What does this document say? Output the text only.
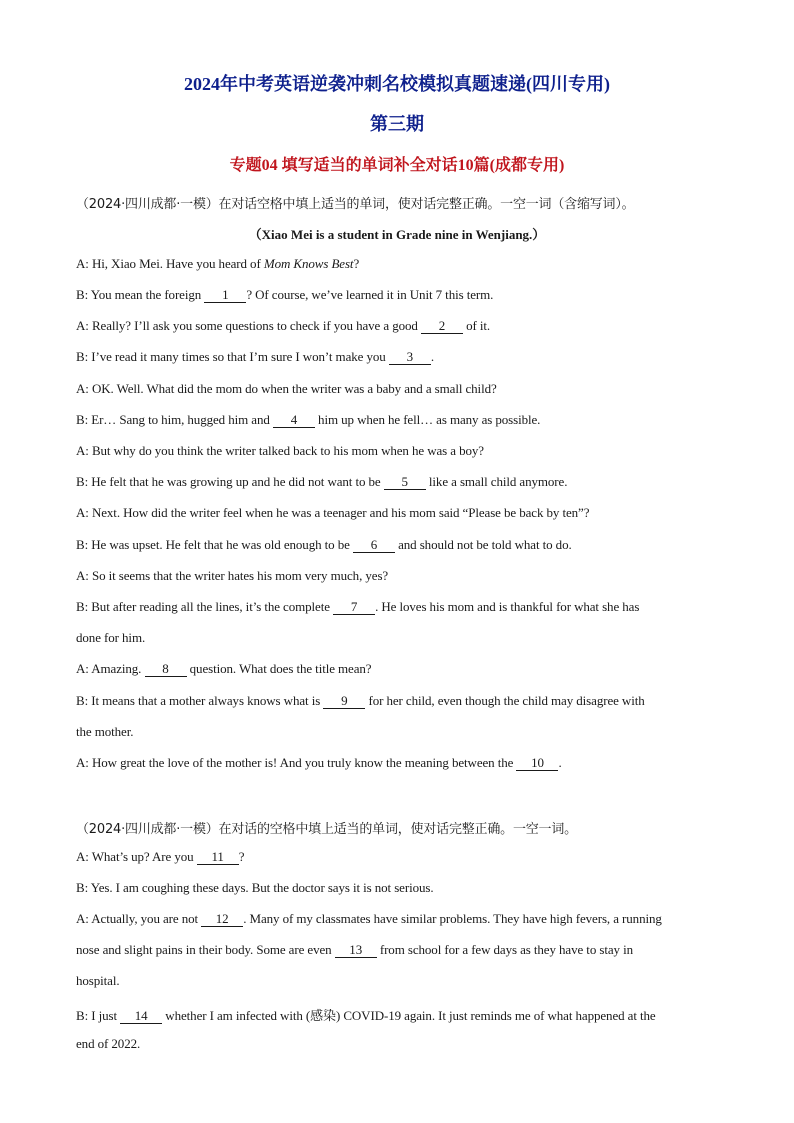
2024年中考英语逆袭冲刺名校模拟真题速递(四川专用)
第三期
专题04 填写适当的单词补全对话10篇(成都专用)
（2024·四川成都·一模）在对话空格中填上适当的单词，使对话完整正确。一空一词（含缩写词）。
（Xiao Mei is a student in Grade nine in Wenjiang.）
A: Hi, Xiao Mei. Have you heard of Mom Knows Best?
B: You mean the foreign 1 ? Of course, we’ve learned it in Unit 7 this term.
A: Really? I’ll ask you some questions to check if you have a good 2 of it.
B: I’ve read it many times so that I’m sure I won’t make you 3 .
A: OK. Well. What did the mom do when the writer was a baby and a small child?
B: Er… Sang to him, hugged him and 4 him up when he fell… as many as possible.
A: But why do you think the writer talked back to his mom when he was a boy?
B: He felt that he was growing up and he did not want to be 5 like a small child anymore.
A: Next. How did the writer feel when he was a teenager and his mom said “Please be back by ten”?
B: He was upset. He felt that he was old enough to be 6 and should not be told what to do.
A: So it seems that the writer hates his mom very much, yes?
B: But after reading all the lines, it’s the complete 7 . He loves his mom and is thankful for what she has
done for him.
A: Amazing. 8 question. What does the title mean?
B: It means that a mother always knows what is 9 for her child, even though the child may disagree with
the mother.
A: How great the love of the mother is! And you truly know the meaning between the 10 .
（2024·四川成都·一模）在对话的空格中填上适当的单词，使对话完整正确。一空一词。
A: What’s up? Are you 11 ?
B: Yes. I am coughing these days. But the doctor says it is not serious.
A: Actually, you are not 12 . Many of my classmates have similar problems. They have high fevers, a running
nose and slight pains in their body. Some are even 13 from school for a few days as they have to stay in
hospital.
B: I just 14 whether I am infected with (感染) COVID-19 again. It just reminds me of what happened at the
end of 2022.
